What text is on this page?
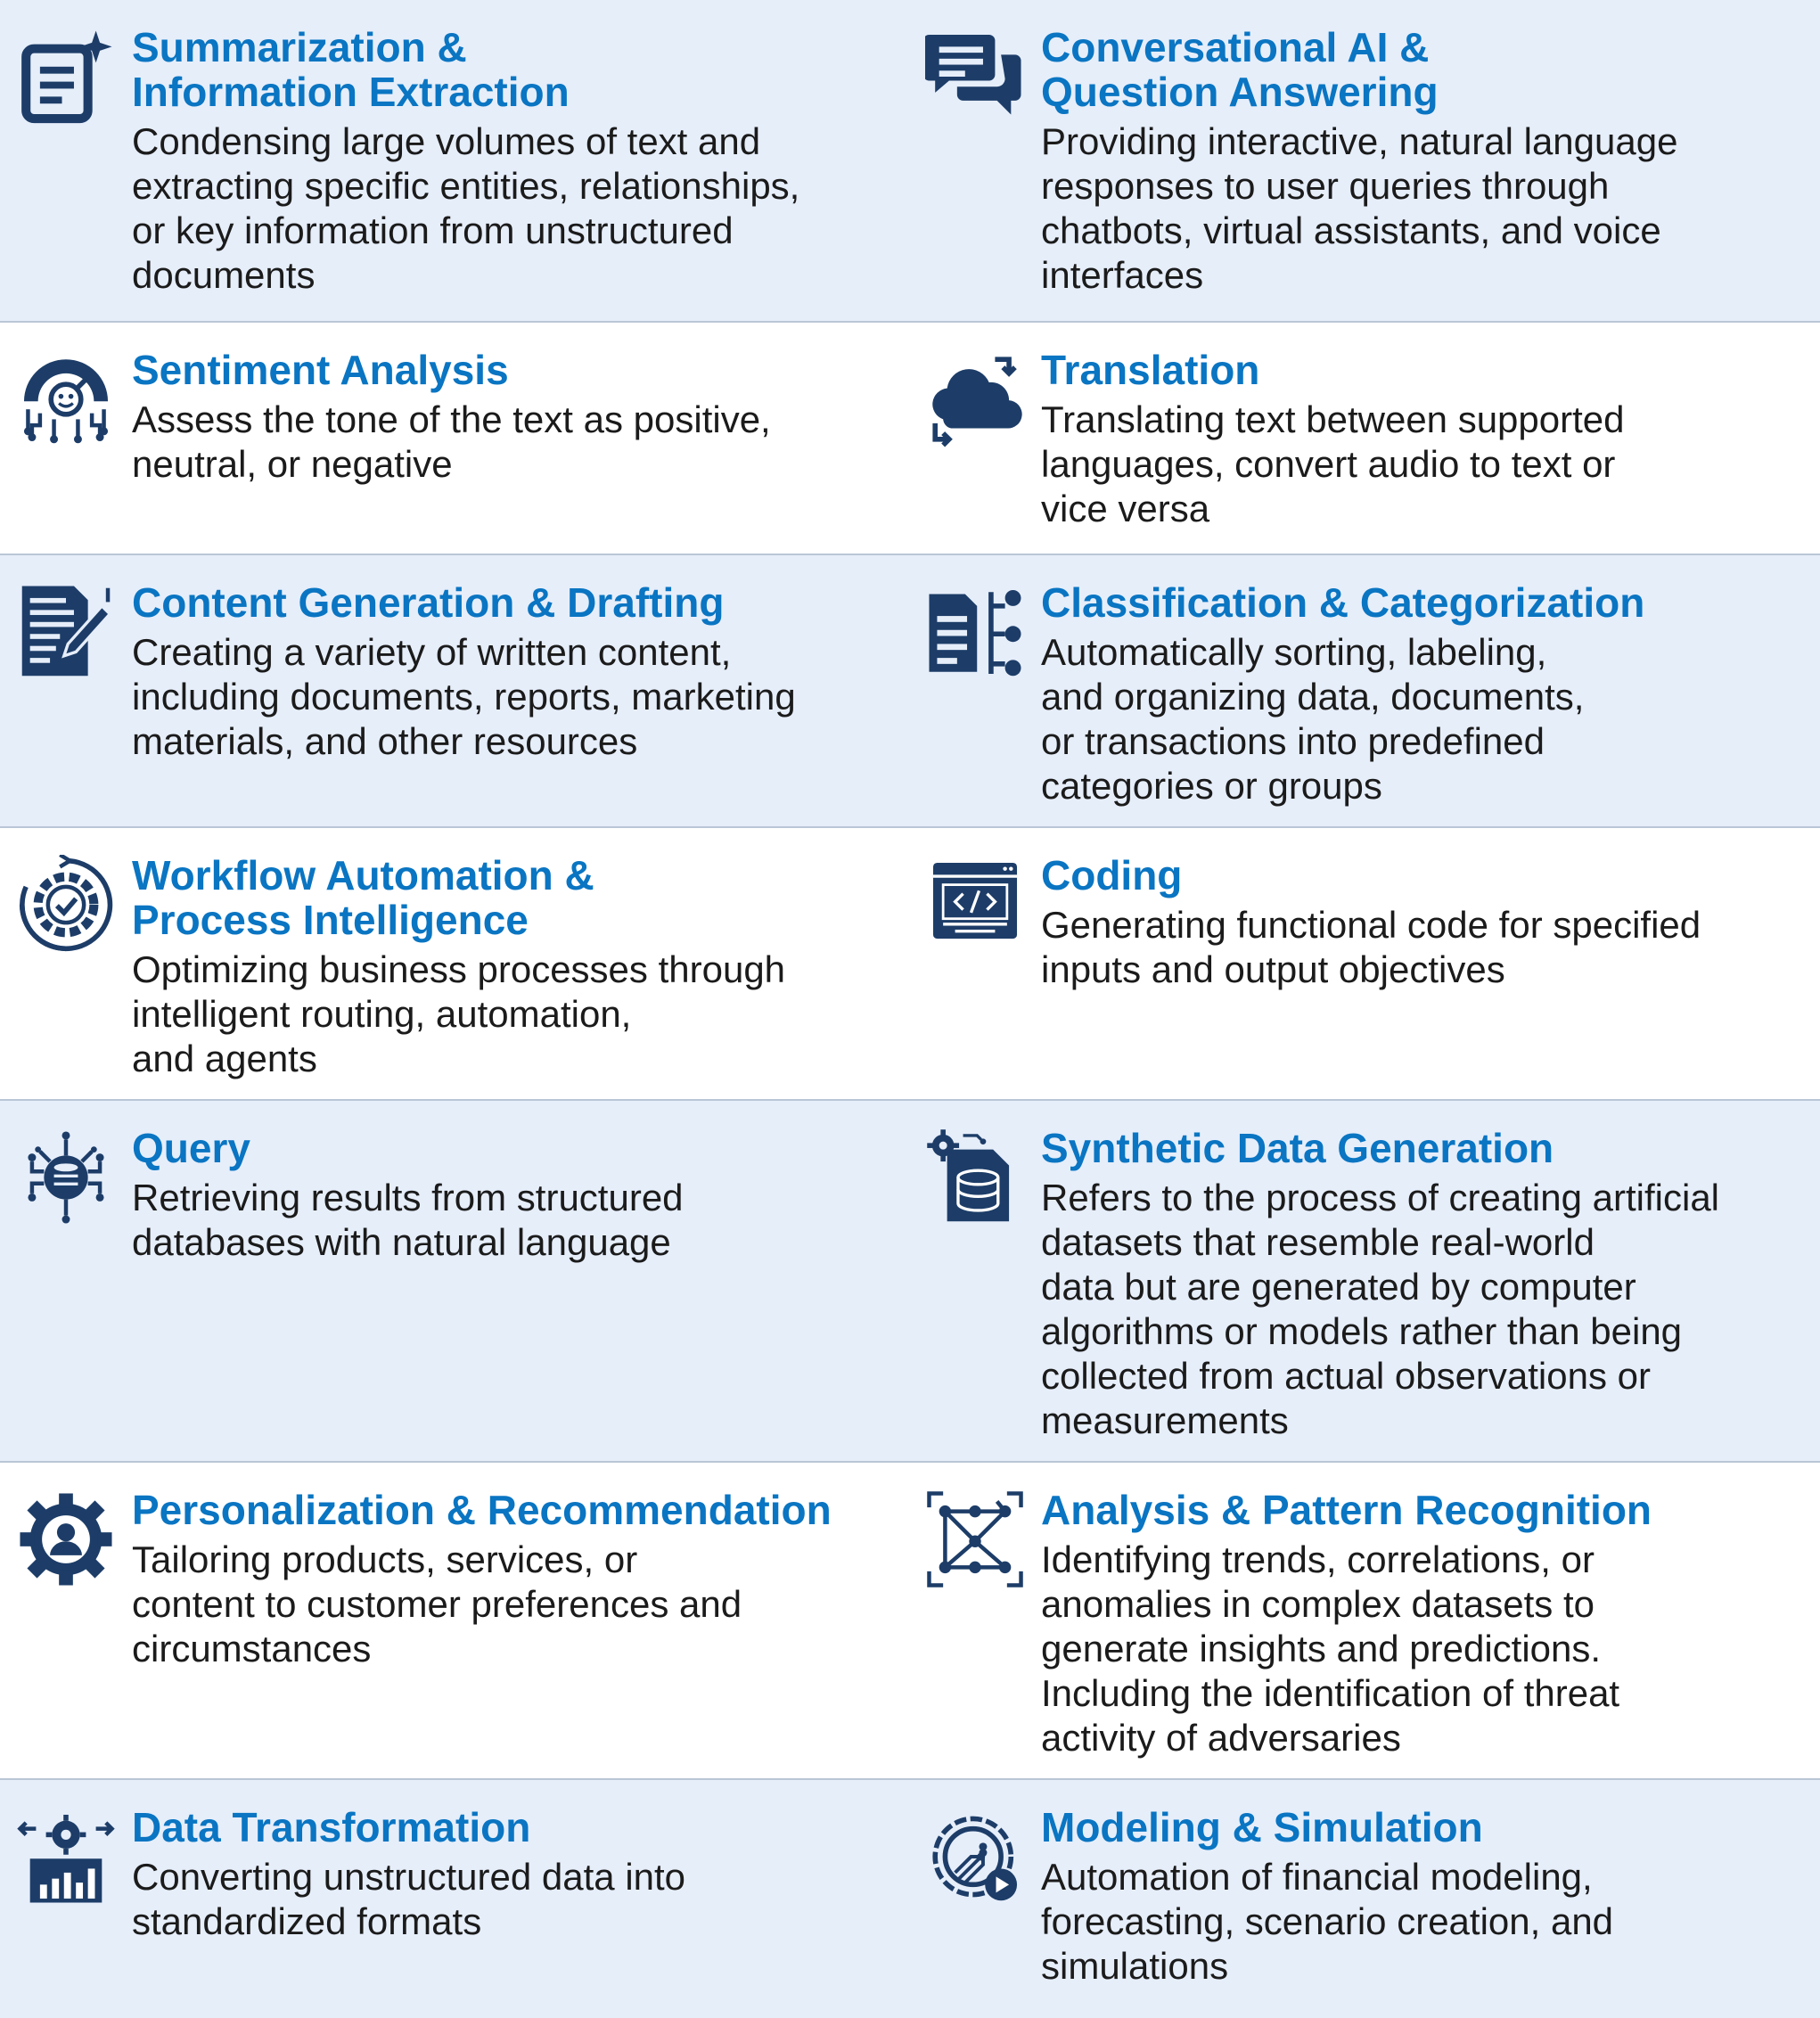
Summarization &
Information Extraction
Condensing large volumes of text and
extracting specific entities, relationships,
or key information from unstructured
documents
Conversational AI &
Question Answering
Providing interactive, natural language
responses to user queries through
chatbots, virtual assistants, and voice
interfaces
Sentiment Analysis
Assess the tone of the text as positive,
neutral, or negative
Translation
Translating text between supported
languages, convert audio to text or
vice versa
Content Generation & Drafting
Creating a variety of written content,
including documents, reports, marketing
materials, and other resources
Classification & Categorization
Automatically sorting, labeling,
and organizing data, documents,
or transactions into predefined
categories or groups
Workflow Automation &
Process Intelligence
Optimizing business processes through
intelligent routing, automation,
and agents
Coding
Generating functional code for specified
inputs and output objectives
Query
Retrieving results from structured
databases with natural language
Synthetic Data Generation
Refers to the process of creating artificial
datasets that resemble real-world
data but are generated by computer
algorithms or models rather than being
collected from actual observations or
measurements
Personalization & Recommendation
Tailoring products, services, or
content to customer preferences and
circumstances
Analysis & Pattern Recognition
Identifying trends, correlations, or
anomalies in complex datasets to
generate insights and predictions.
Including the identification of threat
activity of adversaries
Data Transformation
Converting unstructured data into
standardized formats
Modeling & Simulation
Automation of financial modeling,
forecasting, scenario creation, and
simulations
